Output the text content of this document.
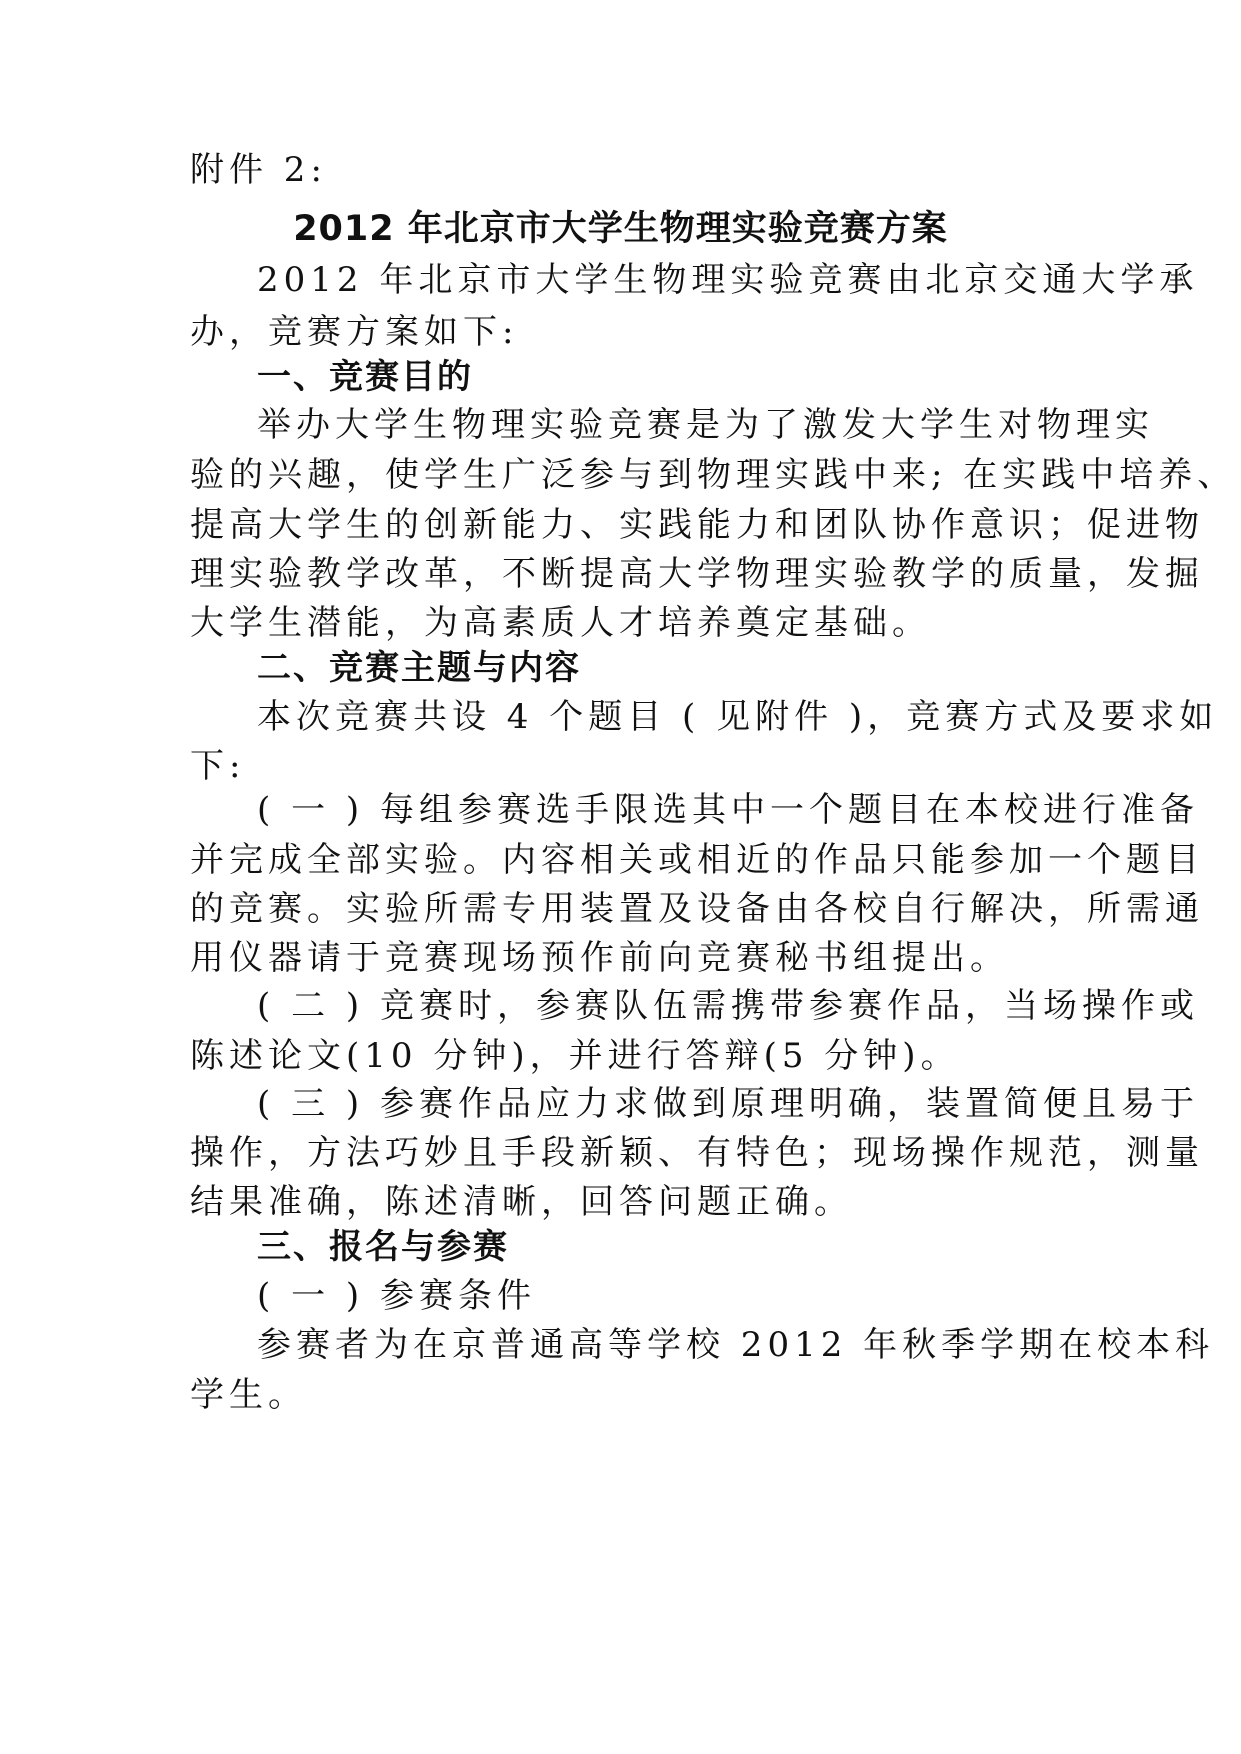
附件 2:
2012 年北京市大学生物理实验竞赛方案
2012 年北京市大学生物理实验竞赛由北京交通大学承
办，竞赛方案如下:
一、竞赛目的
举办大学生物理实验竞赛是为了激发大学生对物理实
验的兴趣，使学生广泛参与到物理实践中来; 在实践中培养、
提高大学生的创新能力、实践能力和团队协作意识；促进物
理实验教学改革，不断提高大学物理实验教学的质量，发掘
大学生潜能，为高素质人才培养奠定基础。
二、竞赛主题与内容
本次竞赛共设 4 个题目 ( 见附件 )，竞赛方式及要求如
下:
( 一 ) 每组参赛选手限选其中一个题目在本校进行准备
并完成全部实验。内容相关或相近的作品只能参加一个题目
的竞赛。实验所需专用装置及设备由各校自行解决，所需通
用仪器请于竞赛现场预作前向竞赛秘书组提出。
( 二 ) 竞赛时，参赛队伍需携带参赛作品，当场操作或
陈述论文(10 分钟)，并进行答辩(5 分钟)。
( 三 ) 参赛作品应力求做到原理明确，装置简便且易于
操作，方法巧妙且手段新颖、有特色；现场操作规范，测量
结果准确，陈述清晰，回答问题正确。
三、报名与参赛
( 一 ) 参赛条件
参赛者为在京普通高等学校 2012 年秋季学期在校本科
学生。
